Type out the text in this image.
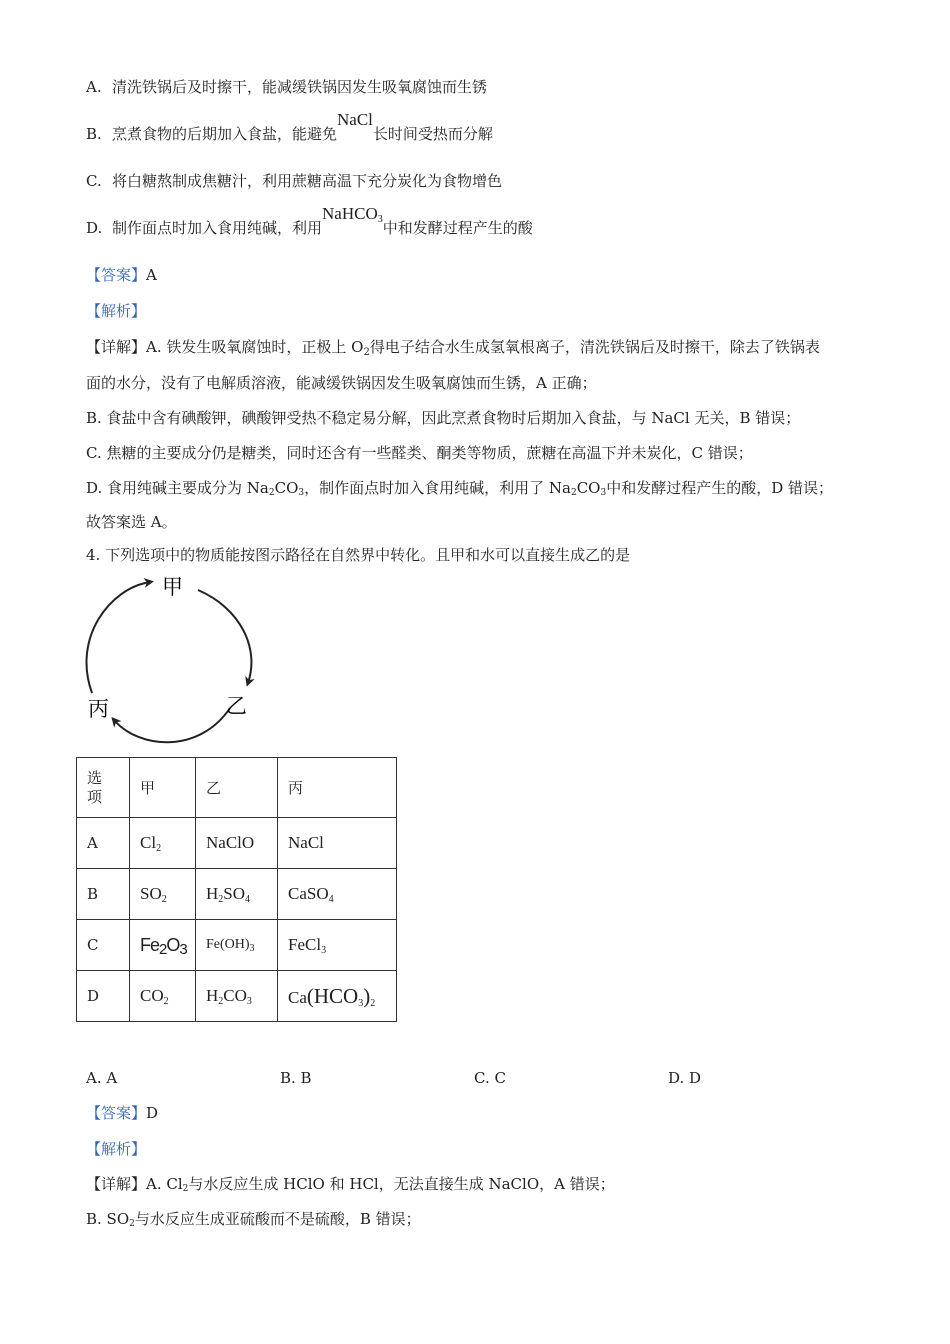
A. 清洗铁锅后及时擦干，能减缓铁锅因发生吸氧腐蚀而生锈
B. 烹煮食物的后期加入食盐，能避免NaCl长时间受热而分解
C. 将白糖熬制成焦糖汁，利用蔗糖高温下充分炭化为食物增色
D. 制作面点时加入食用纯碱，利用NaHCO$_3$中和发酵过程产生的酸
【答案】A
【解析】
【详解】A. 铁发生吸氧腐蚀时，正极上 $O_2$得电子结合水生成氢氧根离子，清洗铁锅后及时擦干，除去了铁锅表
面的水分，没有了电解质溶液，能减缓铁锅因发生吸氧腐蚀而生锈，A 正确；
B. 食盐中含有碘酸钾，碘酸钾受热不稳定易分解，因此烹煮食物时后期加入食盐，与 NaCl 无关，B 错误；
C. 焦糖的主要成分仍是糖类，同时还含有一些醛类、酮类等物质，蔗糖在高温下并未炭化，C 错误；
D. 食用纯碱主要成分为 $Na_2CO_3$，制作面点时加入食用纯碱，利用了 $Na_2CO_3$中和发酵过程产生的酸，D 错误；
故答案选 A。
4. 下列选项中的物质能按图示路径在自然界中转化。且甲和水可以直接生成乙的是
甲
乙
丙
选
项	甲	乙	丙
A	$Cl_2$	NaClO	NaCl
B	$SO_2$	$H_2SO_4$	CaSO$_4$
C	Fe2O3	$Fe(OH)_3$	FeCl$_3$
D	$CO_2$	$H_2CO_3$	$Ca(HCO_3)_2$
A. A	B. B	C. C	D. D
【答案】D
【解析】
【详解】A. $Cl_2$与水反应生成 HClO 和 HCl，无法直接生成 NaClO，A 错误；
B. $SO_2$与水反应生成亚硫酸而不是硫酸，B 错误；
